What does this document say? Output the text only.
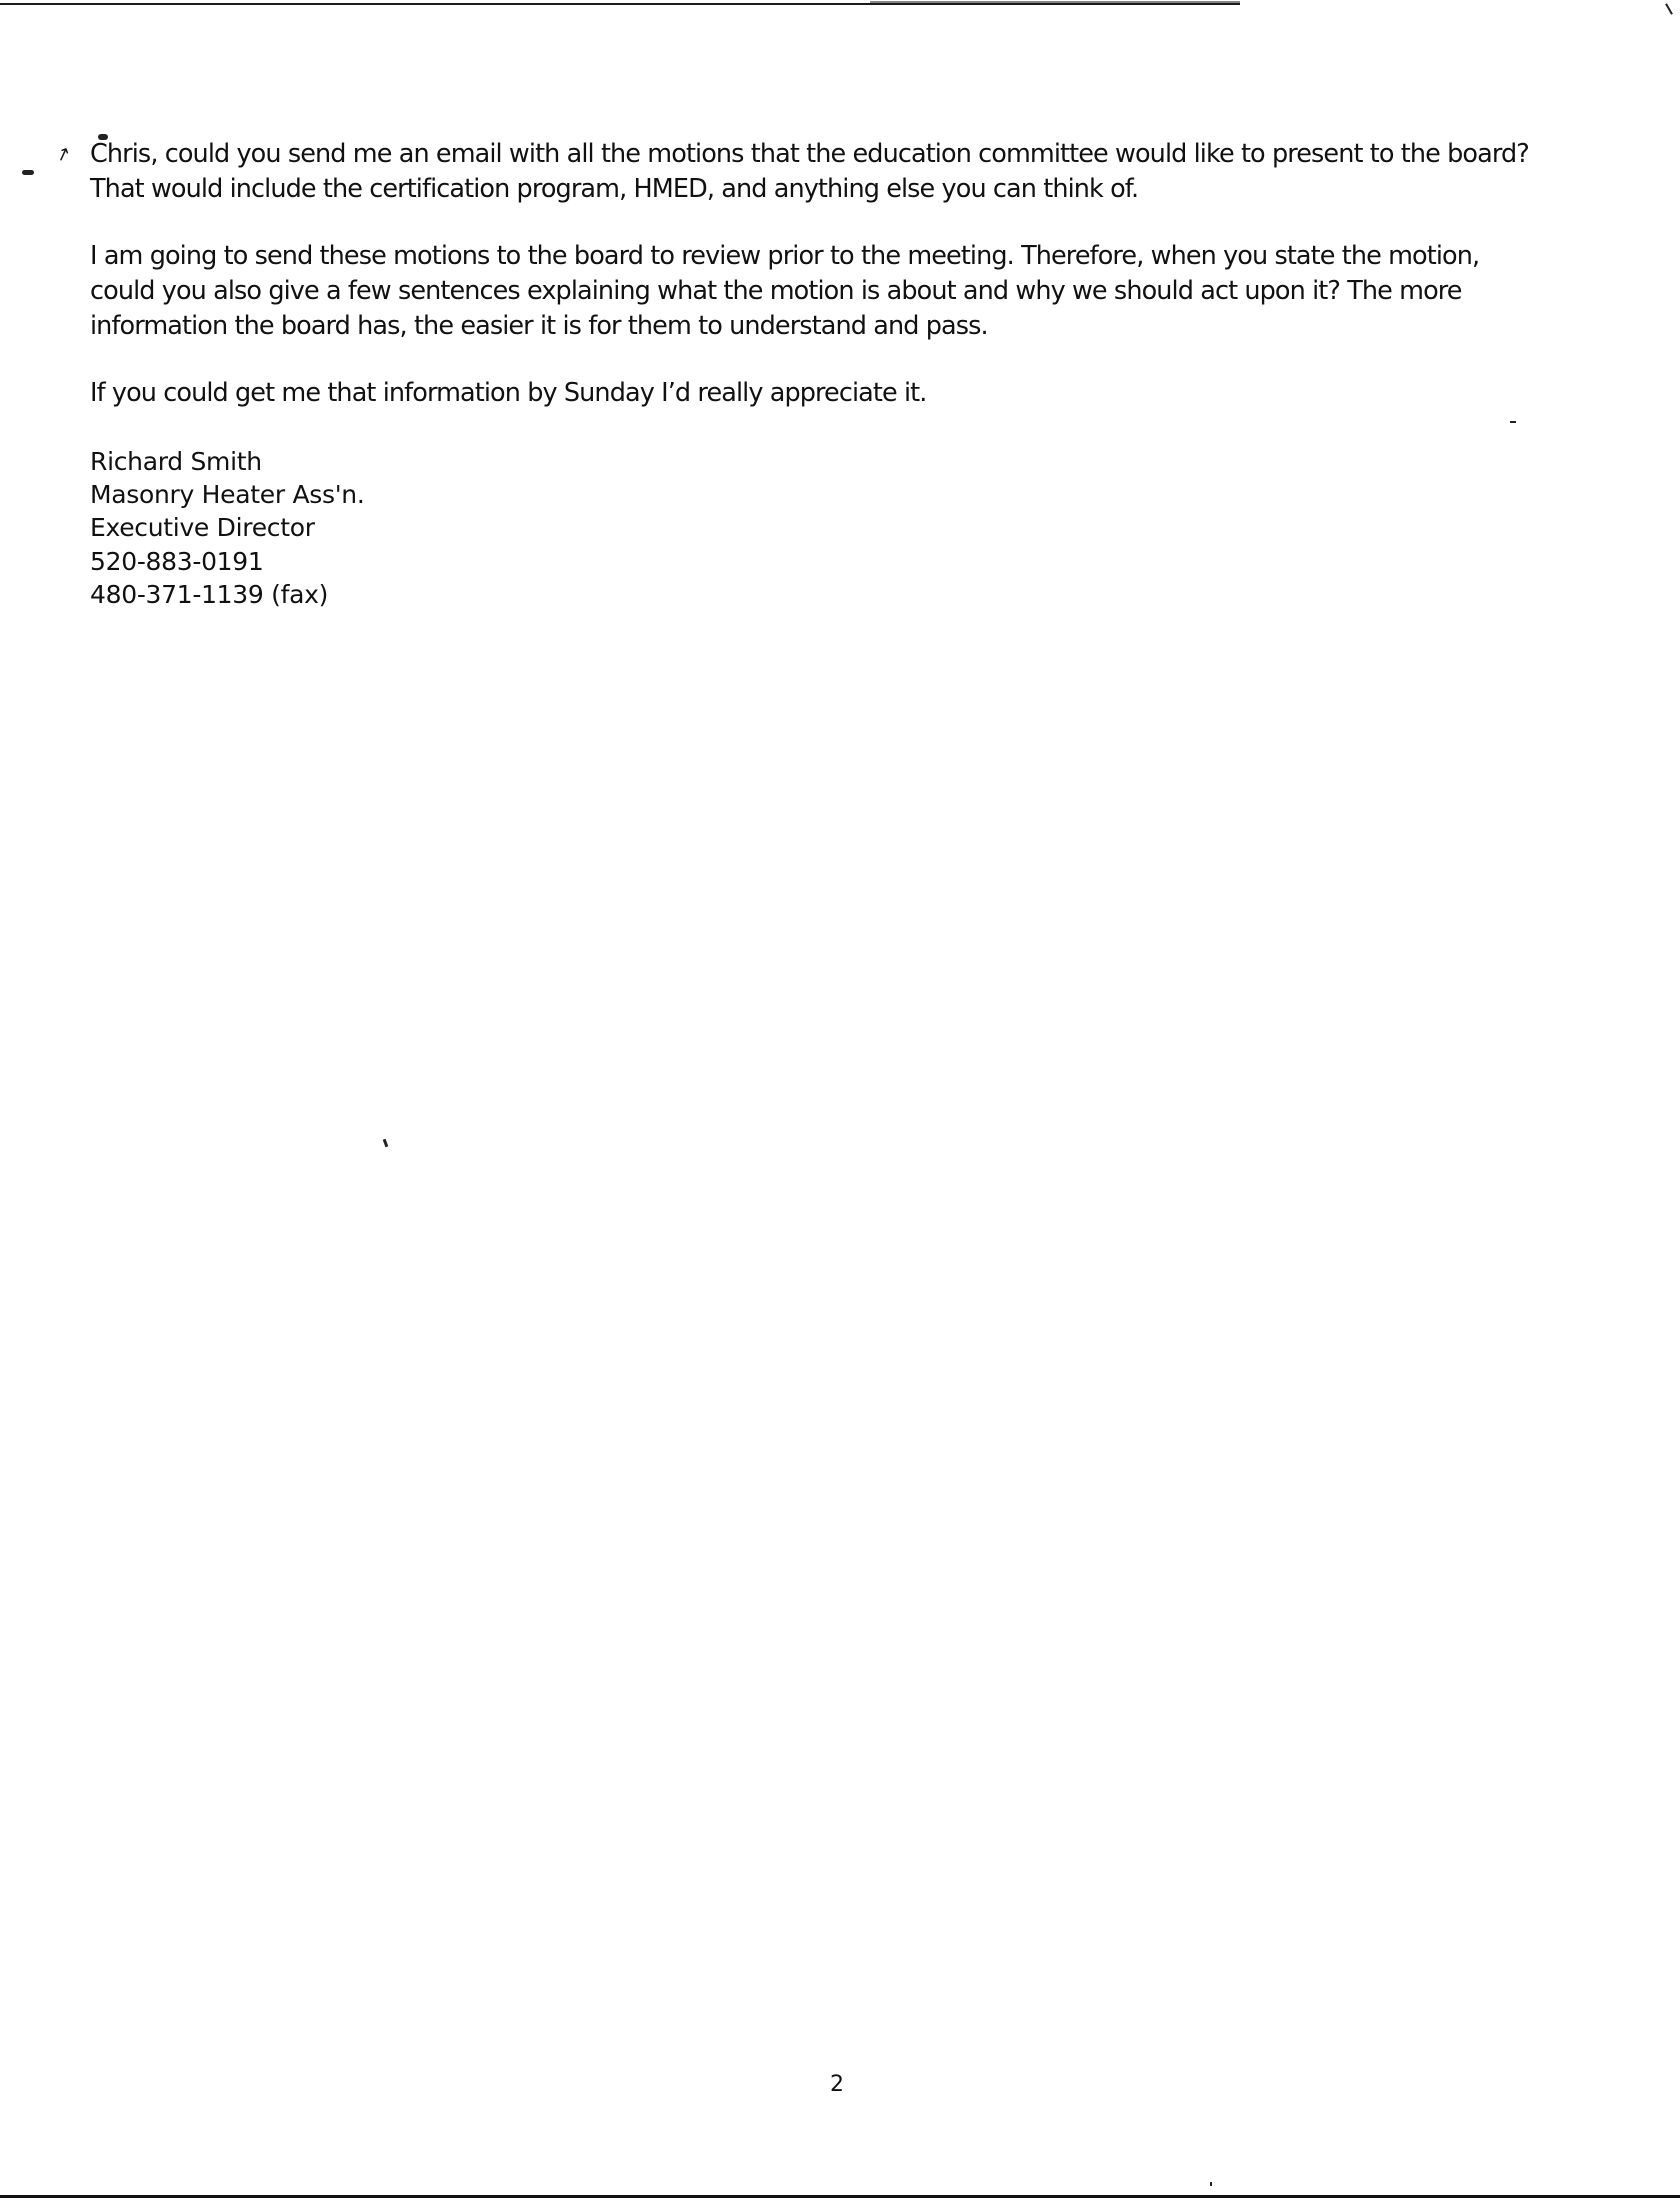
↗ Chris, could you send me an email with all the motions that the education committee would like to present to the board?
That would include the certification program, HMED, and anything else you can think of.

I am going to send these motions to the board to review prior to the meeting. Therefore, when you state the motion,
could you also give a few sentences explaining what the motion is about and why we should act upon it? The more
information the board has, the easier it is for them to understand and pass.

If you could get me that information by Sunday I’d really appreciate it.

Richard Smith
Masonry Heater Ass'n.
Executive Director
520-883-0191
480-371-1139 (fax)
2
